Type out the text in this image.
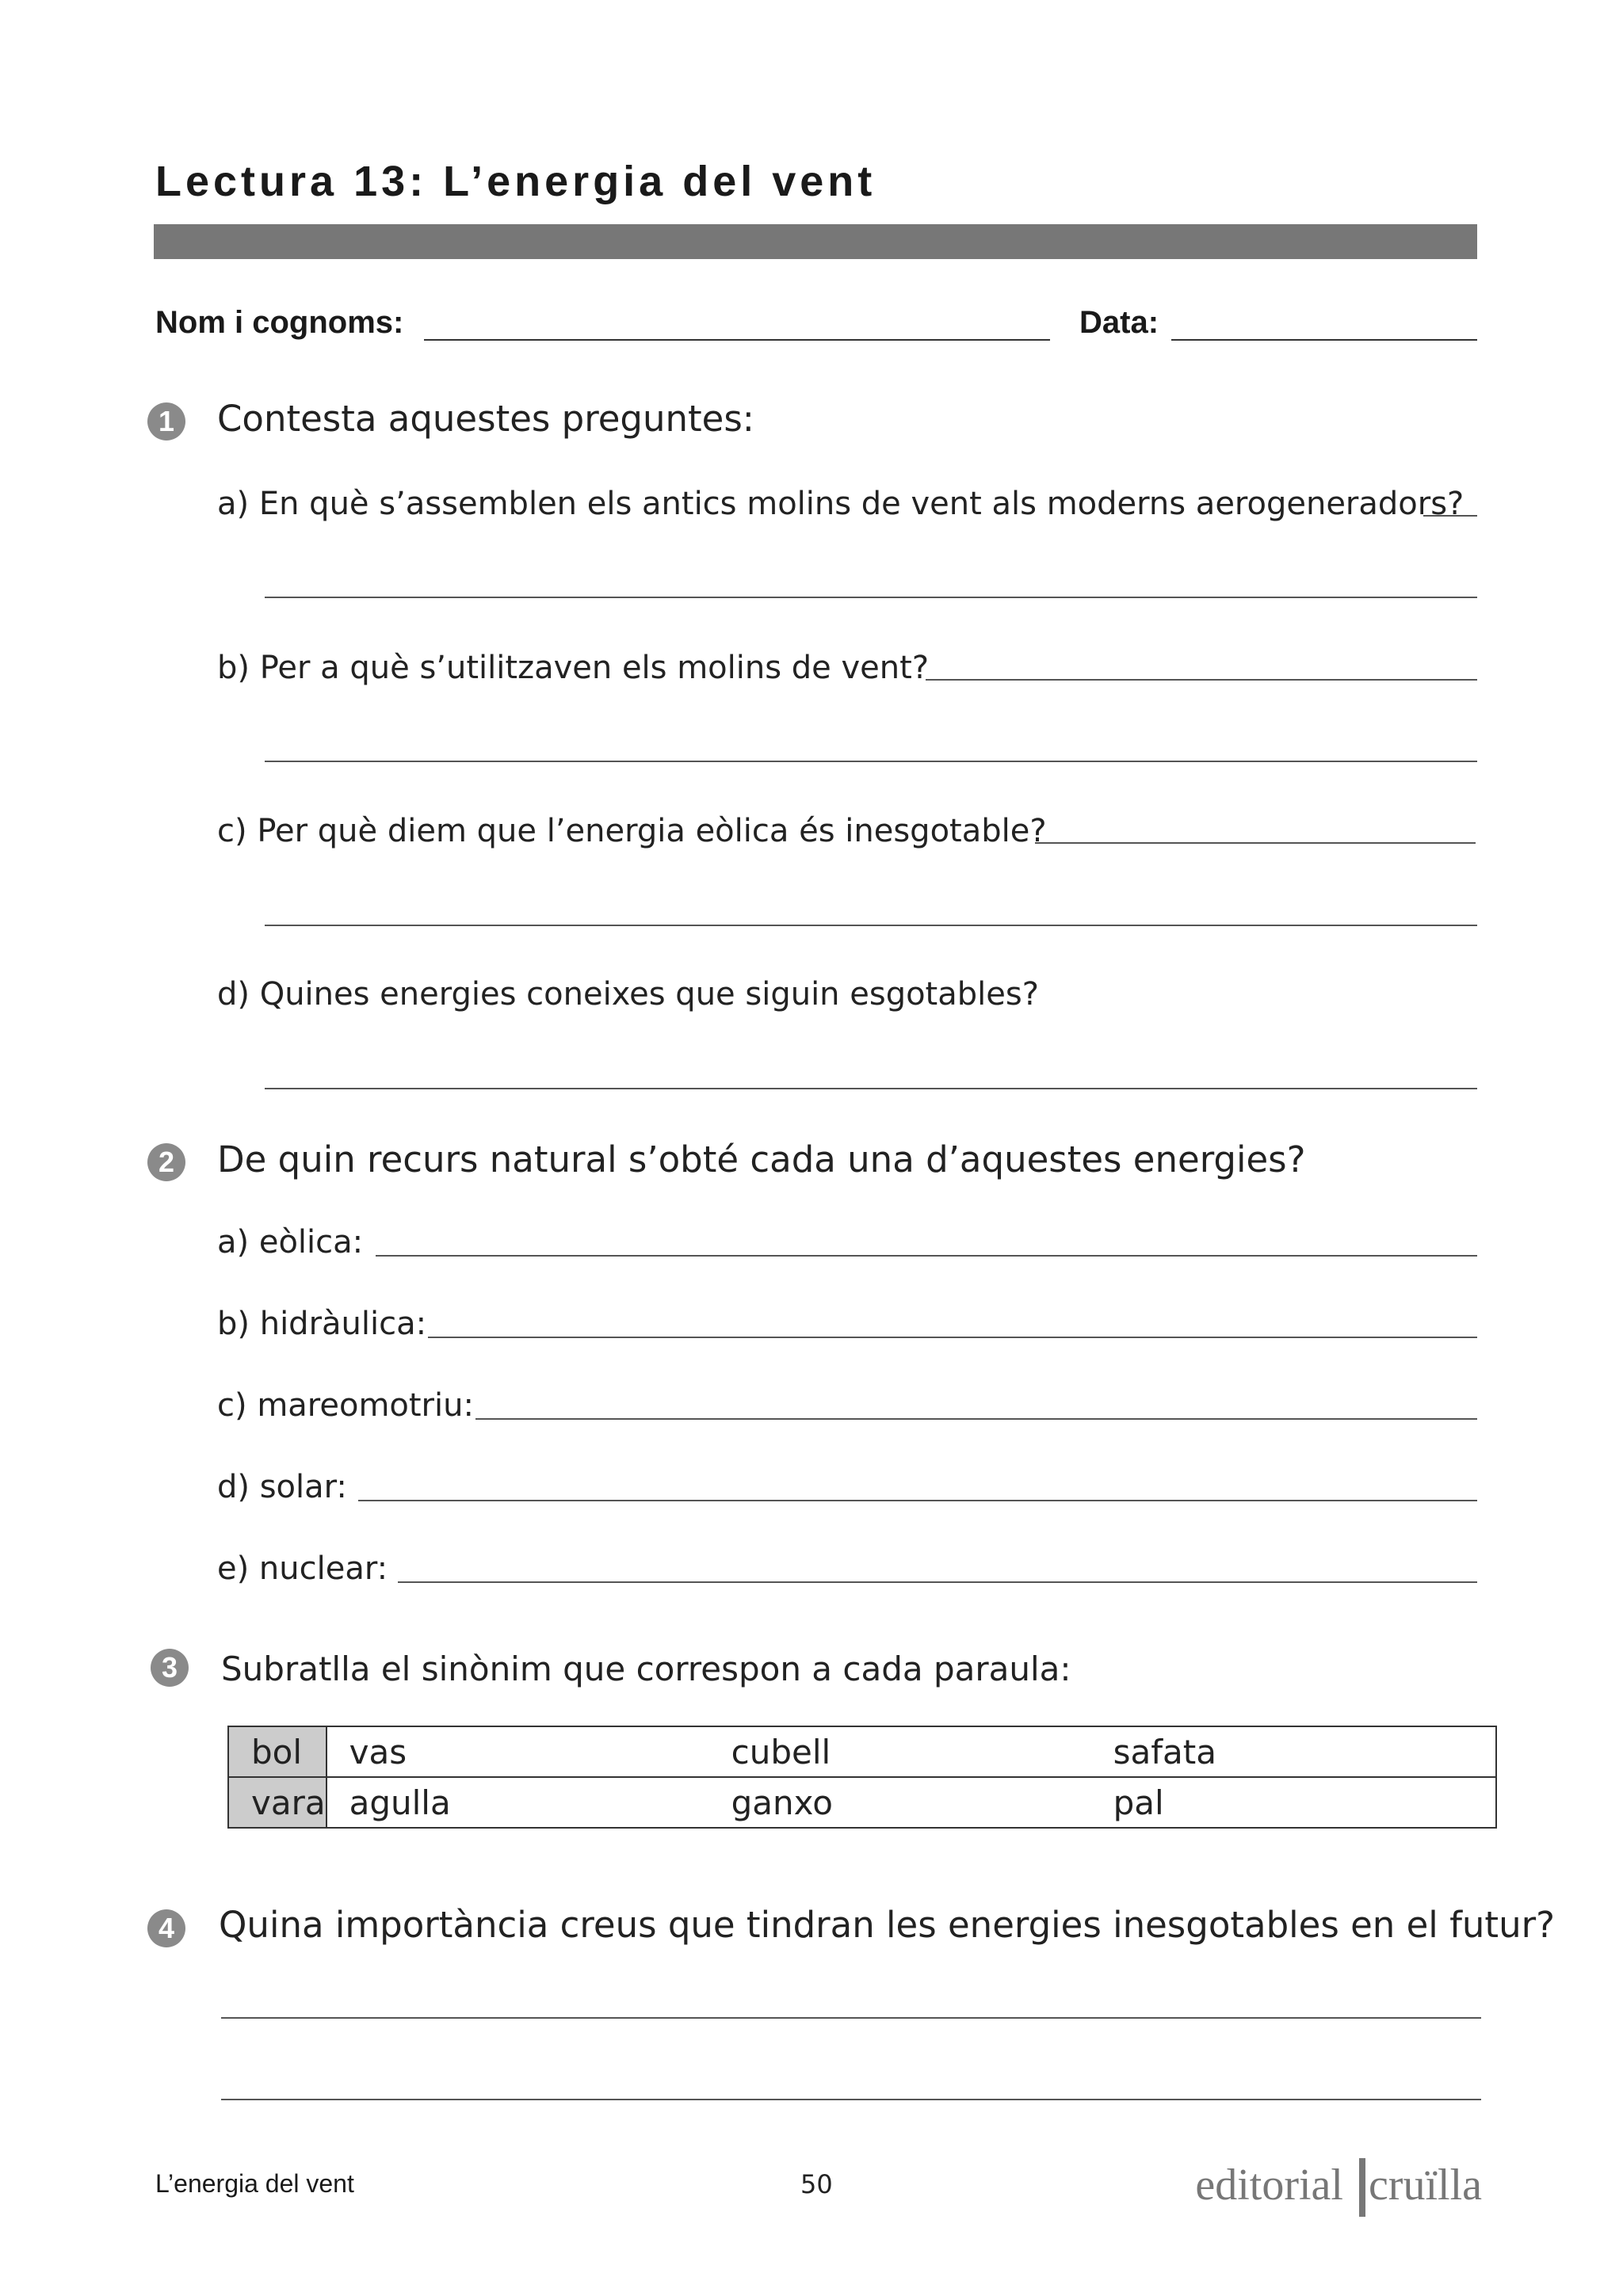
Lectura 13: L’energia del vent
Nom i cognoms:	Data:
1	Contesta aquestes preguntes:
a) En què s’assemblen els antics molins de vent als moderns aerogeneradors?
b) Per a què s’utilitzaven els molins de vent?
c) Per què diem que l’energia eòlica és inesgotable?
d) Quines energies coneixes que siguin esgotables?
2	De quin recurs natural s’obté cada una d’aquestes energies?
a) eòlica:
b) hidràulica:
c) mareomotriu:
d) solar:
e) nuclear:
3	Subratlla el sinònim que correspon a cada paraula:
bol	vas cubell safata
vara	agulla ganxo pal
4	Quina importància creus que tindran les energies inesgotables en el futur?
L’energia del vent	50	editorial cruïlla
